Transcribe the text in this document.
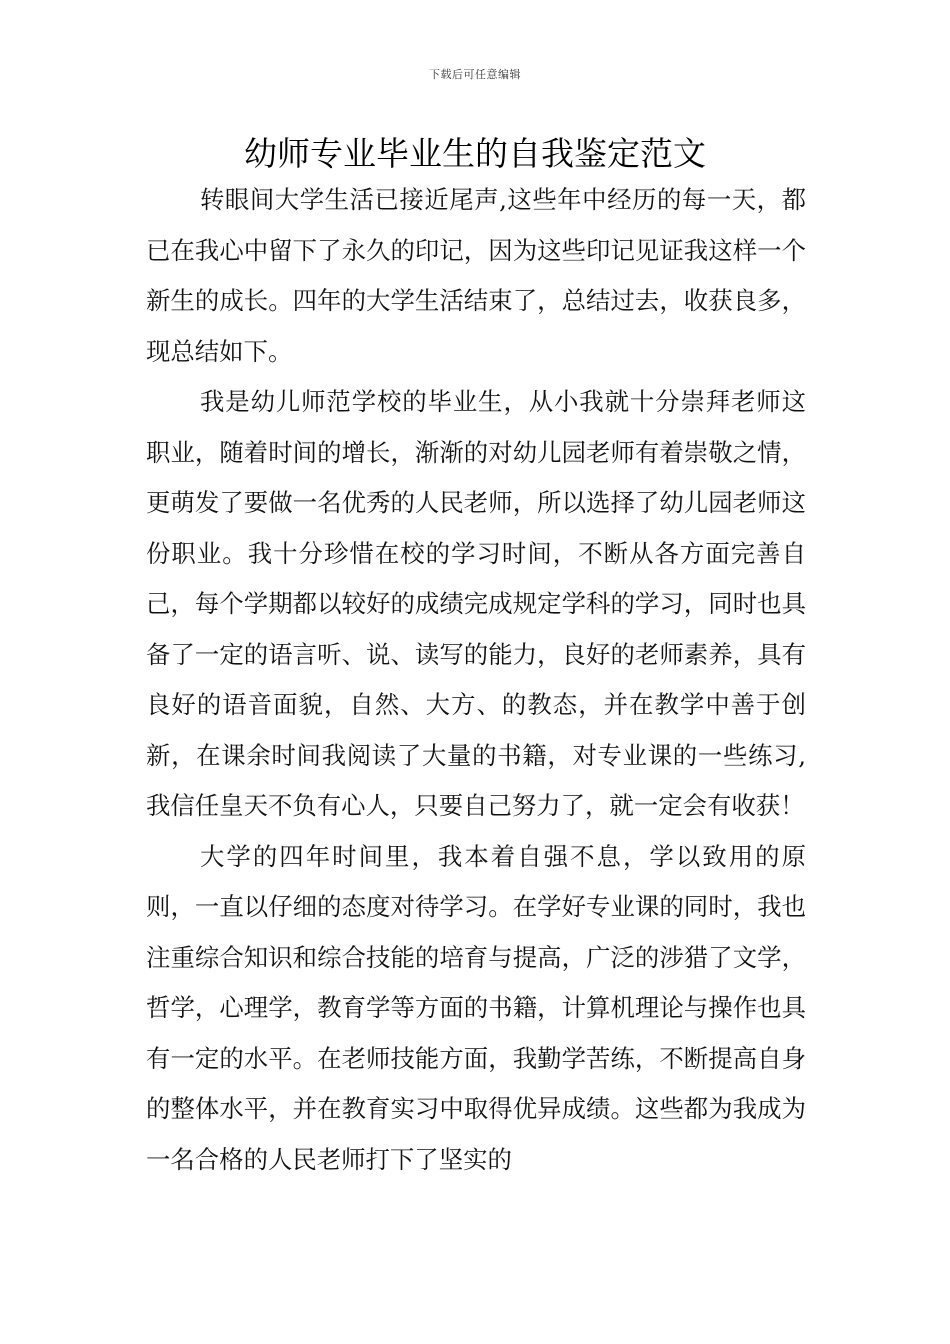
下载后可任意编辑
幼师专业毕业生的自我鉴定范文

转眼间大学生活已接近尾声,这些年中经历的每一天，都已在我心中留下了永久的印记，因为这些印记见证我这样一个新生的成长。四年的大学生活结束了，总结过去，收获良多，现总结如下。

我是幼儿师范学校的毕业生，从小我就十分崇拜老师这职业，随着时间的增长，渐渐的对幼儿园老师有着崇敬之情，更萌发了要做一名优秀的人民老师，所以选择了幼儿园老师这份职业。我十分珍惜在校的学习时间，不断从各方面完善自己，每个学期都以较好的成绩完成规定学科的学习，同时也具备了一定的语言听、说、读写的能力，良好的老师素养，具有良好的语音面貌，自然、大方、的教态，并在教学中善于创新，在课余时间我阅读了大量的书籍，对专业课的一些练习,我信任皇天不负有心人，只要自己努力了，就一定会有收获！

大学的四年时间里，我本着自强不息，学以致用的原则，一直以仔细的态度对待学习。在学好专业课的同时，我也注重综合知识和综合技能的培育与提高，广泛的涉猎了文学，哲学，心理学，教育学等方面的书籍，计算机理论与操作也具有一定的水平。在老师技能方面，我勤学苦练，不断提高自身的整体水平，并在教育实习中取得优异成绩。这些都为我成为一名合格的人民老师打下了坚实的
